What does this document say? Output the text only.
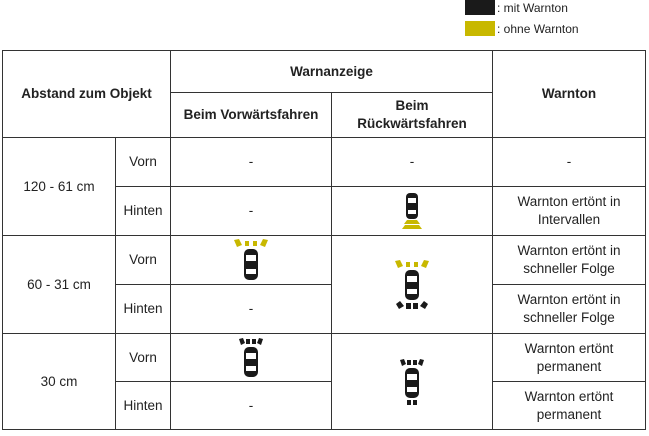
: mit Warnton
: ohne Warnton
Abstand zum Objekt		Warnanzeige		Warnton
		Beim Vorwärtsfahren	Beim
Rückwärtsfahren	

120 - 61 cm	Vorn	-	-	-
	Hinten	-		Warnton ertönt in
Intervallen

60 - 31 cm	Vorn			Warnton ertönt in
schneller Folge

	Hinten	-		Warnton ertönt in
schneller Folge

30 cm	Vorn			Warnton ertönt
permanent

	Hinten	-		Warnton ertönt
permanent
